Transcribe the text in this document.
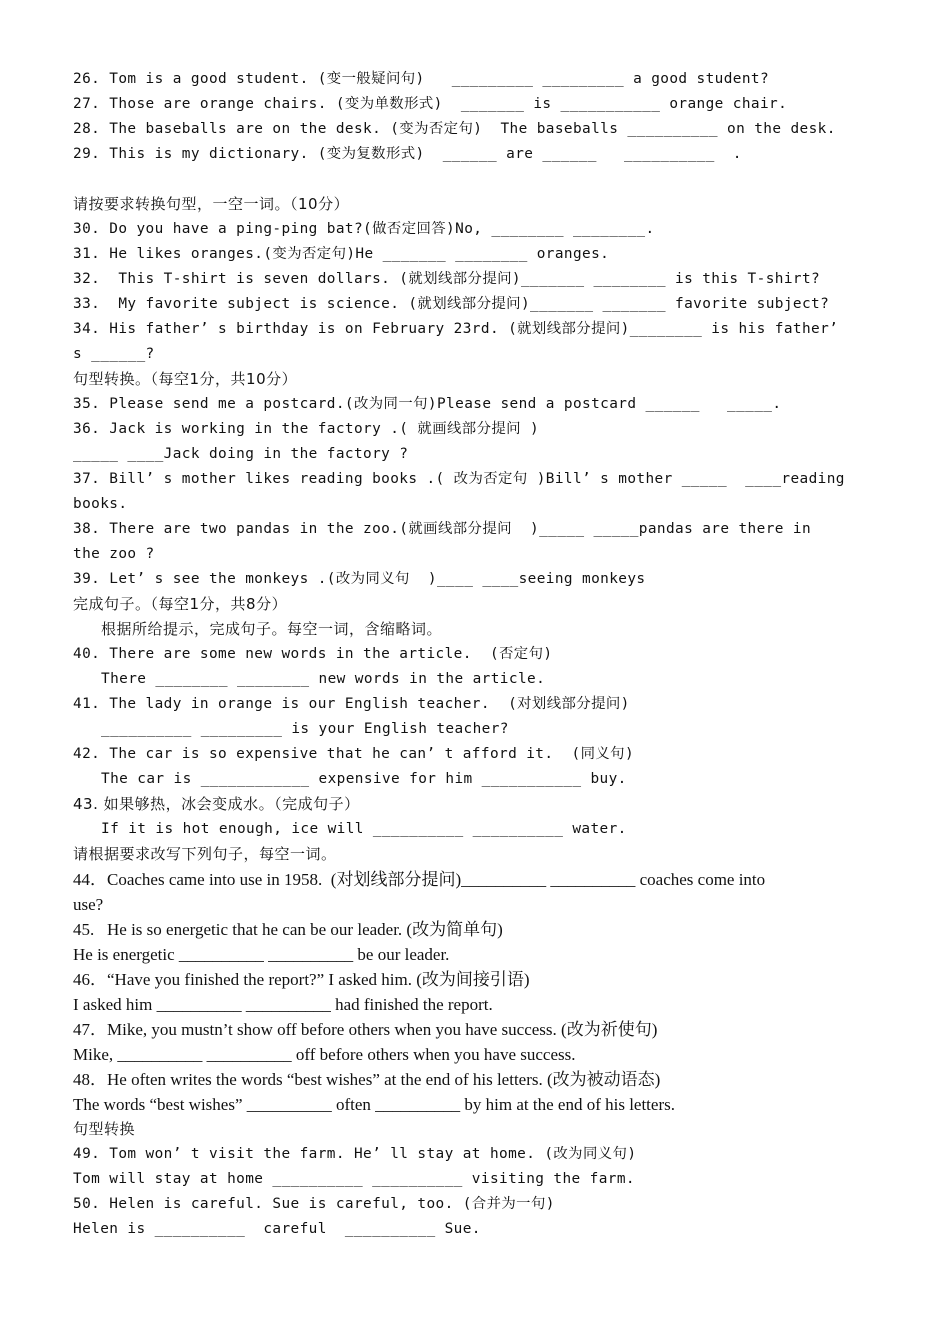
26. Tom is a good student. (变一般疑问句)   _________ _________ a good student?
27. Those are orange chairs. (变为单数形式)  _______ is ___________ orange chair.
28. The baseballs are on the desk. (变为否定句)  The baseballs __________ on the desk.
29. This is my dictionary. (变为复数形式)  ______ are ______   __________  .
请按要求转换句型，一空一词。（10分）
30. Do you have a ping-ping bat?(做否定回答)No, ________ ________.
31. He likes oranges.(变为否定句)He _______ ________ oranges.
32.  This T-shirt is seven dollars. (就划线部分提问)_______ ________ is this T-shirt?
33.  My favorite subject is science. (就划线部分提问)_______ _______ favorite subject?
34. His father’ s birthday is on February 23rd. (就划线部分提问)________ is his father’
s ______?
句型转换。（每空1分，共10分）
35. Please send me a postcard.(改为同一句)Please send a postcard ______   _____.
36. Jack is working in the factory .( 就画线部分提问 )
_____ ____Jack doing in the factory ?
37. Bill’ s mother likes reading books .( 改为否定句 )Bill’ s mother _____  ____reading
books.
38. There are two pandas in the zoo.(就画线部分提问  )_____ _____pandas are there in
the zoo ?
39. Let’ s see the monkeys .(改为同义句  )____ ____seeing monkeys
完成句子。（每空1分，共8分）
根据所给提示，完成句子。每空一词，含缩略词。
40. There are some new words in the article.  (否定句)
There ________ ________ new words in the article.
41. The lady in orange is our English teacher.  (对划线部分提问)
__________ _________ is your English teacher?
42. The car is so expensive that he can’ t afford it.  (同义句)
The car is ____________ expensive for him ___________ buy.
43. 如果够热，冰会变成水。（完成句子）
If it is hot enough, ice will __________ __________ water.
请根据要求改写下列句子，每空一词。
44．Coaches came into use in 1958.  (对划线部分提问)__________ __________ coaches come into
use?
45.   He is so energetic that he can be our leader. (改为简单句)
He is energetic __________ __________ be our leader.
46．“Have you finished the report?” I asked him. (改为间接引语)
I asked him __________ __________ had finished the report.
47．Mike, you mustn’t show off before others when you have success. (改为祈使句)
Mike, __________ __________ off before others when you have success.
48．He often writes the words “best wishes” at the end of his letters. (改为被动语态)
The words “best wishes” __________ often __________ by him at the end of his letters.
句型转换
49. Tom won’ t visit the farm. He’ ll stay at home. (改为同义句)
Tom will stay at home __________ __________ visiting the farm.
50. Helen is careful. Sue is careful, too. (合并为一句)
Helen is __________  careful  __________ Sue.
